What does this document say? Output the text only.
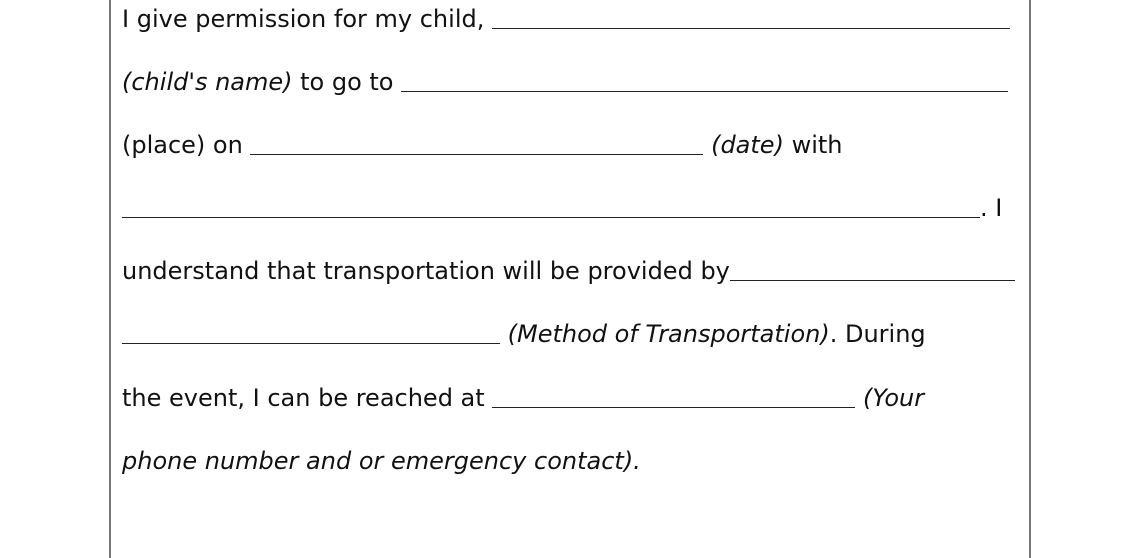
I give permission for my child,
(child's name) to go to
(place) on	(date) with
. I
understand that transportation will be provided by
(Method of Transportation) . During
the event, I can be reached at	(Your
phone number and or emergency contact).
